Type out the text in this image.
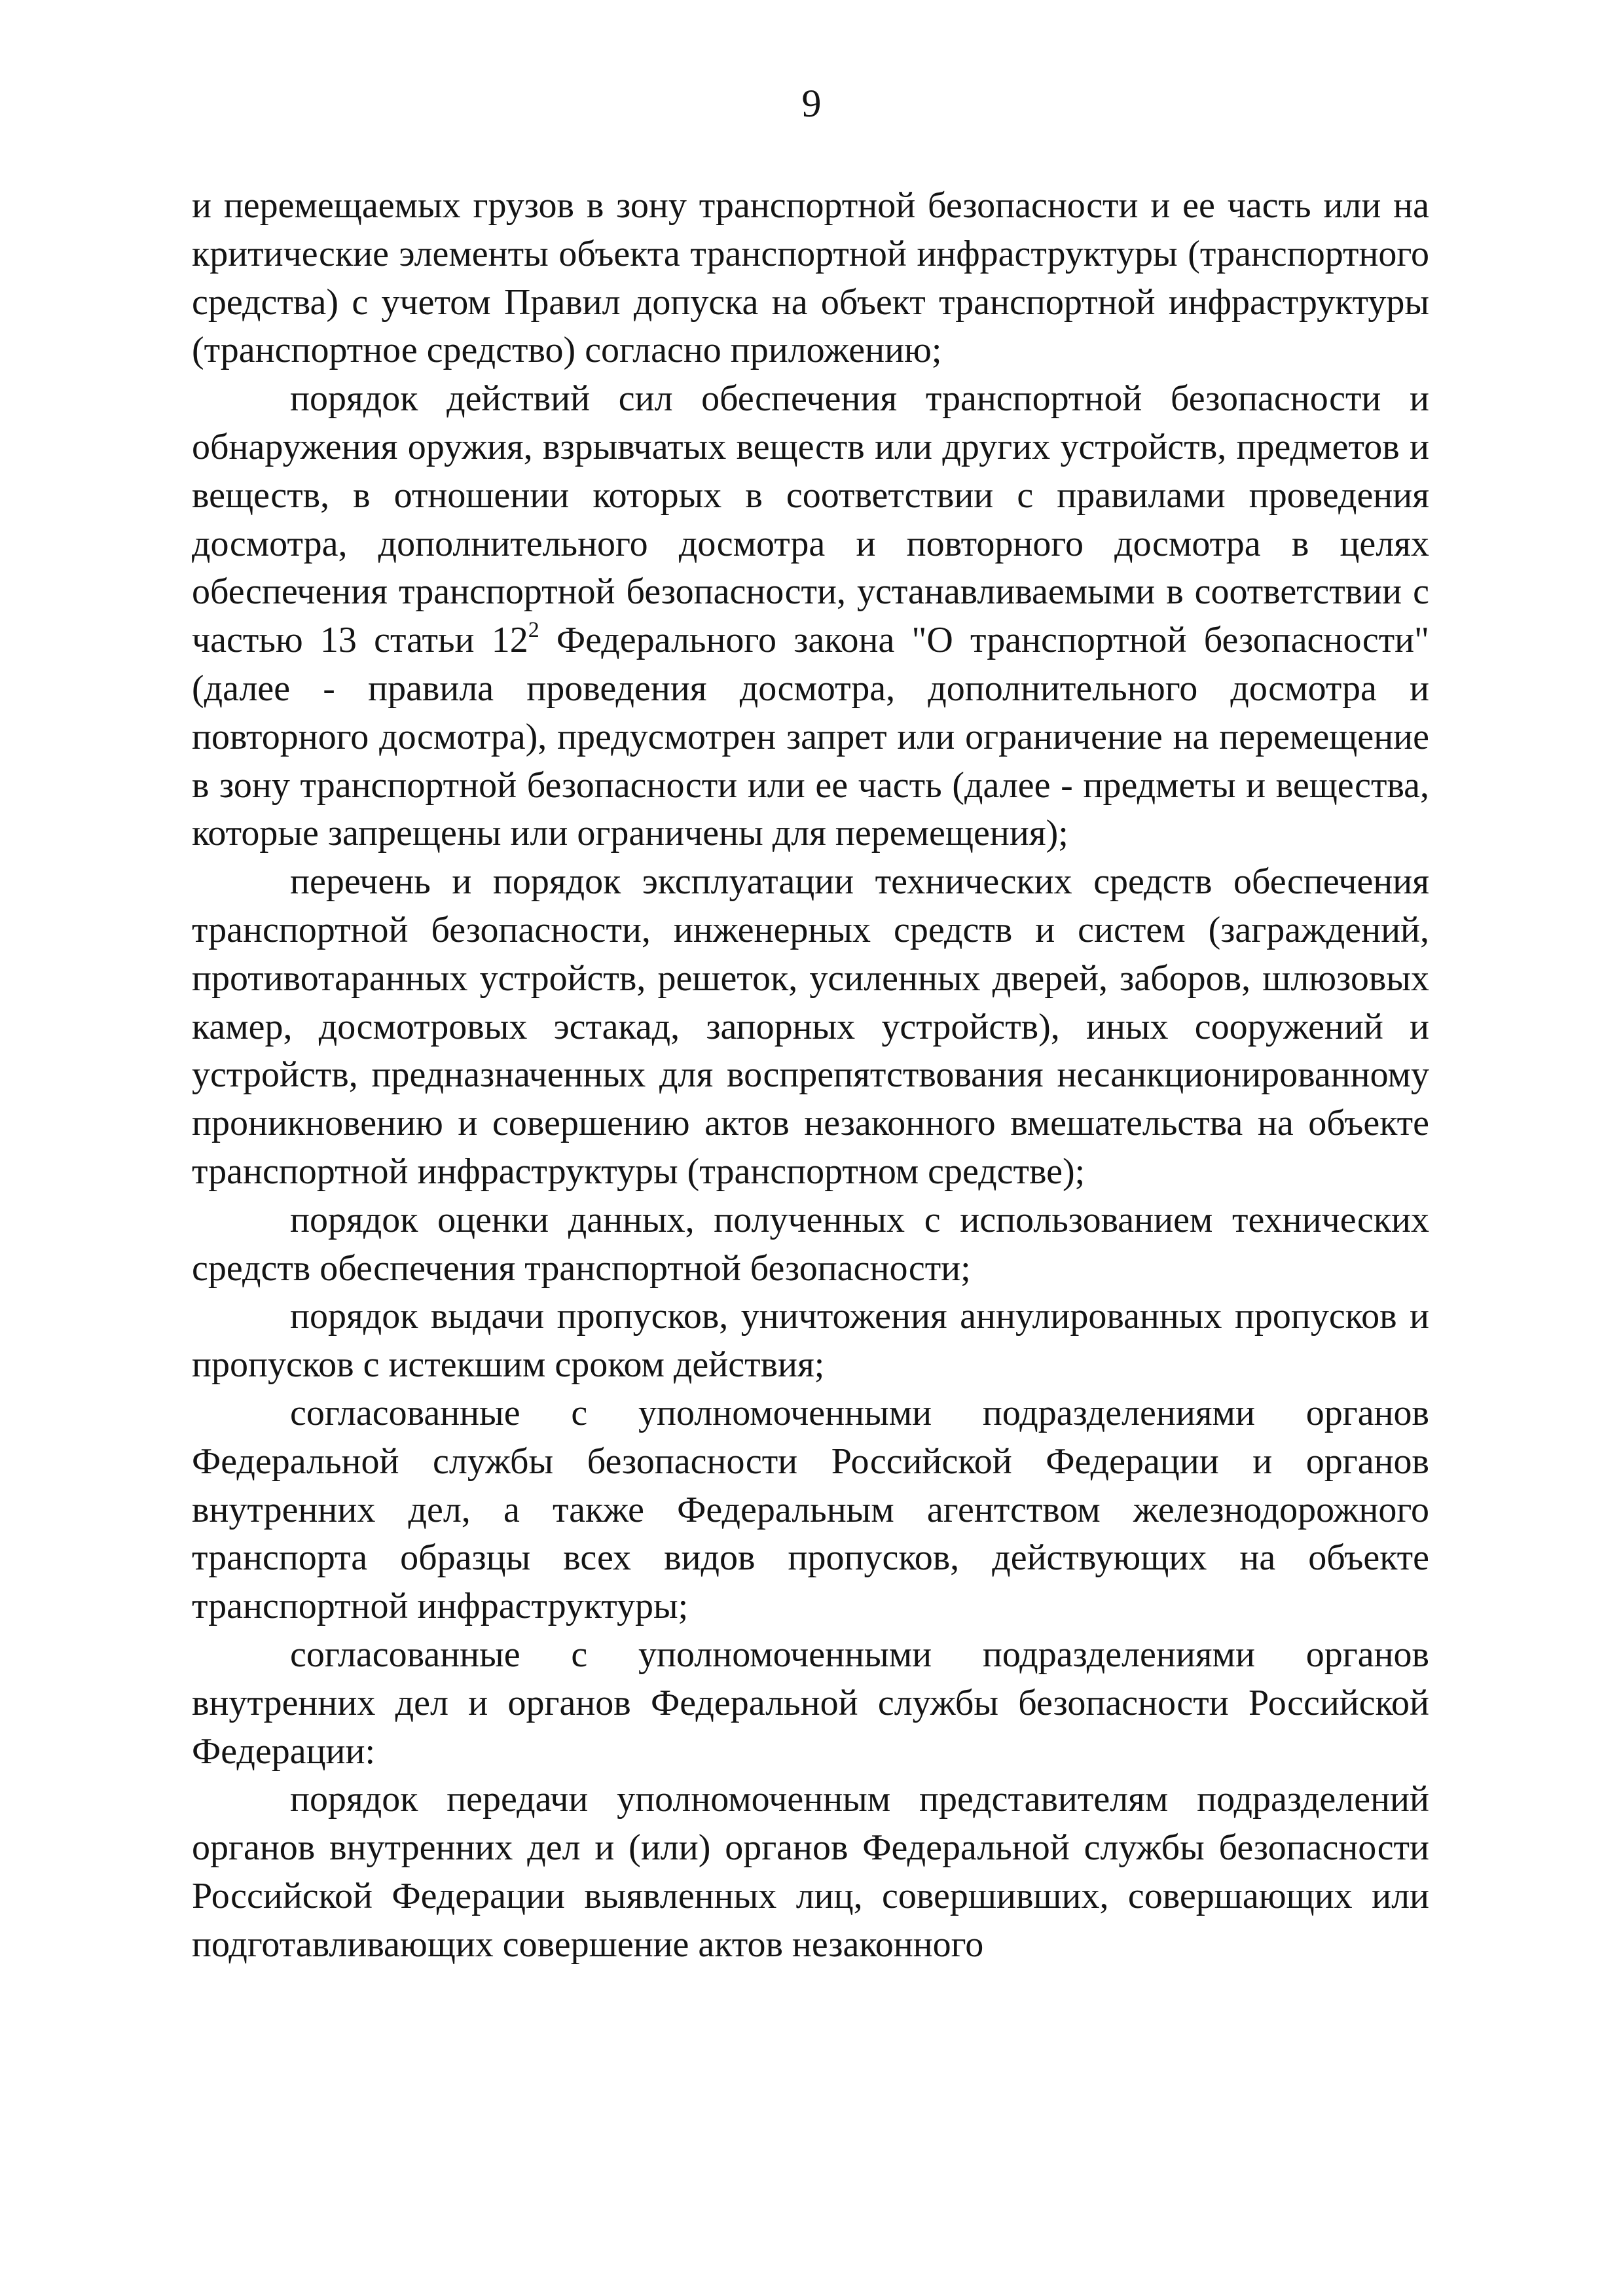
9

и перемещаемых грузов в зону транспортной безопасности и ее часть или на критические элементы объекта транспортной инфраструктуры (транспортного средства) с учетом Правил допуска на объект транспортной инфраструктуры (транспортное средство) согласно приложению;

порядок действий сил обеспечения транспортной безопасности и обнаружения оружия, взрывчатых веществ или других устройств, предметов и веществ, в отношении которых в соответствии с правилами проведения досмотра, дополнительного досмотра и повторного досмотра в целях обеспечения транспортной безопасности, устанавливаемыми в соответствии с частью 13 статьи $12^2$ Федерального закона "О транспортной безопасности" (далее - правила проведения досмотра, дополнительного досмотра и повторного досмотра), предусмотрен запрет или ограничение на перемещение в зону транспортной безопасности или ее часть (далее - предметы и вещества, которые запрещены или ограничены для перемещения);

перечень и порядок эксплуатации технических средств обеспечения транспортной безопасности, инженерных средств и систем (заграждений, противотаранных устройств, решеток, усиленных дверей, заборов, шлюзовых камер, досмотровых эстакад, запорных устройств), иных сооружений и устройств, предназначенных для воспрепятствования несанкционированному проникновению и совершению актов незаконного вмешательства на объекте транспортной инфраструктуры (транспортном средстве);

порядок оценки данных, полученных с использованием технических средств обеспечения транспортной безопасности;

порядок выдачи пропусков, уничтожения аннулированных пропусков и пропусков с истекшим сроком действия;

согласованные с уполномоченными подразделениями органов Федеральной службы безопасности Российской Федерации и органов внутренних дел, а также Федеральным агентством железнодорожного транспорта образцы всех видов пропусков, действующих на объекте транспортной инфраструктуры;

согласованные с уполномоченными подразделениями органов внутренних дел и органов Федеральной службы безопасности Российской Федерации:

порядок передачи уполномоченным представителям подразделений органов внутренних дел и (или) органов Федеральной службы безопасности Российской Федерации выявленных лиц, совершивших, совершающих или подготавливающих совершение актов незаконного
